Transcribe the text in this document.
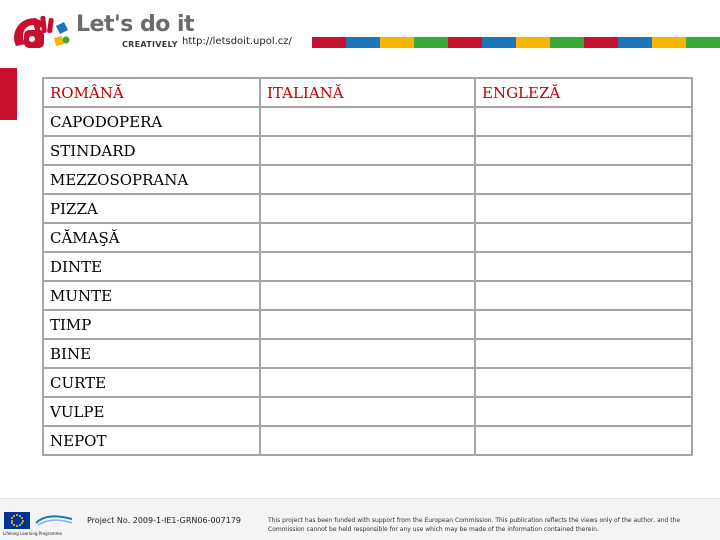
Let's do it
CREATIVELY http://letsdoit.upol.cz/
ROMÂNĂ	ITALIANĂ	ENGLEZĂ
CAPODOPERA		
STINDARD		
MEZZOSOPRANA		
PIZZA		
CĂMAŞĂ		
DINTE		
MUNTE		
TIMP		
BINE		
CURTE		
VULPE		
NEPOT		
Lifelong Learning Programme
Project No. 2009-1-IE1-GRN06-007179	This project has been funded with support from the European Commission. This publication reflects the views only of the author, and the Commission cannot be held responsible for any use which may be made of the information contained therein.
